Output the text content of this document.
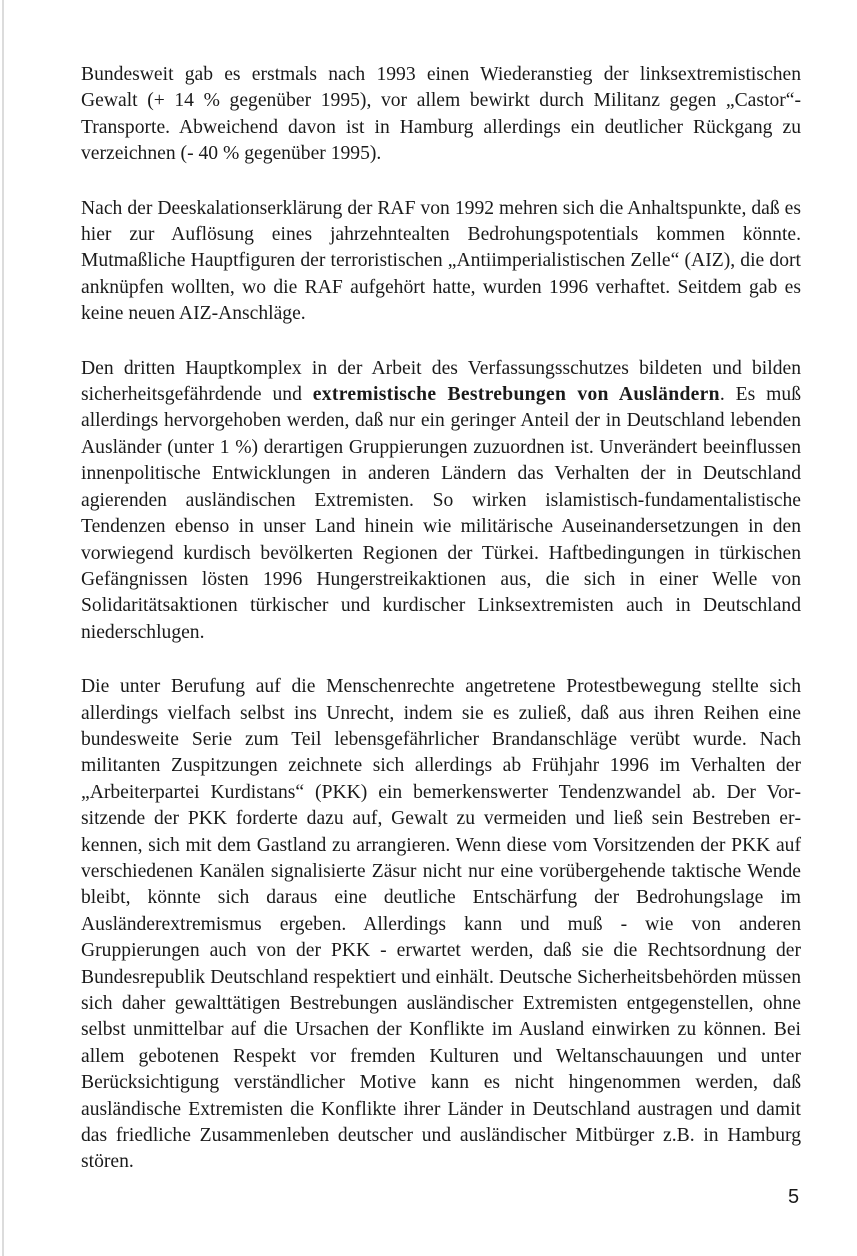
Bundesweit gab es erstmals nach 1993 einen Wiederanstieg der linksextremistischen Gewalt (+ 14 % gegenüber 1995), vor allem bewirkt durch Militanz gegen „Castor“-Transporte. Abweichend davon ist in Hamburg allerdings ein deutlicher Rückgang zu verzeichnen (- 40 % gegenüber 1995).

Nach der Deeskalationserklärung der RAF von 1992 mehren sich die Anhaltspunkte, daß es hier zur Auflösung eines jahrzehntealten Bedrohungspotentials kommen könnte. Mutmaßliche Hauptfiguren der terroristischen „Antiimperialistischen Zelle“ (AIZ), die dort anknüpfen wollten, wo die RAF aufgehört hatte, wurden 1996 verhaftet. Seitdem gab es keine neuen AIZ-Anschläge.

Den dritten Hauptkomplex in der Arbeit des Verfassungsschutzes bildeten und bilden sicherheitsgefährdende und extremistische Bestrebungen von Ausländern. Es muß allerdings hervorgehoben werden, daß nur ein geringer Anteil der in Deutschland lebenden Ausländer (unter 1 %) derartigen Gruppierungen zuzuordnen ist. Unverändert beeinflussen innenpolitische Entwicklungen in anderen Ländern das Verhalten der in Deutschland agierenden ausländischen Extremisten. So wirken islamistisch-fundamentalistische Tendenzen ebenso in unser Land hinein wie militärische Auseinandersetzungen in den vorwiegend kurdisch bevölkerten Regionen der Türkei. Haftbedingungen in türkischen Gefängnissen lösten 1996 Hungerstreikaktionen aus, die sich in einer Welle von Solidaritätsaktionen türkischer und kurdischer Linksextremisten auch in Deutschland niederschlugen.

Die unter Berufung auf die Menschenrechte angetretene Protestbewegung stellte sich allerdings vielfach selbst ins Unrecht, indem sie es zuließ, daß aus ihren Reihen eine bundesweite Serie zum Teil lebensgefährlicher Brandanschläge verübt wurde. Nach militanten Zuspitzungen zeichnete sich allerdings ab Frühjahr 1996 im Verhalten der „Arbeiterpartei Kurdistans“ (PKK) ein bemerkenswerter Tendenzwandel ab. Der Vorsitzende der PKK forderte dazu auf, Gewalt zu vermeiden und ließ sein Bestreben erkennen, sich mit dem Gastland zu arrangieren. Wenn diese vom Vorsitzenden der PKK auf verschiedenen Kanälen signalisierte Zäsur nicht nur eine vorübergehende taktische Wende bleibt, könnte sich daraus eine deutliche Entschärfung der Bedrohungslage im Ausländerextremismus ergeben. Allerdings kann und muß - wie von anderen Gruppierungen auch von der PKK - erwartet werden, daß sie die Rechtsordnung der Bundesrepublik Deutschland respektiert und einhält. Deutsche Sicherheitsbehörden müssen sich daher gewalttätigen Bestrebungen ausländischer Extremisten entgegenstellen, ohne selbst unmittelbar auf die Ursachen der Konflikte im Ausland einwirken zu können. Bei allem gebotenen Respekt vor fremden Kulturen und Weltanschauungen und unter Berücksichtigung verständlicher Motive kann es nicht hingenommen werden, daß ausländische Extremisten die Konflikte ihrer Länder in Deutschland austragen und damit das friedliche Zusammenleben deutscher und ausländischer Mitbürger z.B. in Hamburg stören.

5
